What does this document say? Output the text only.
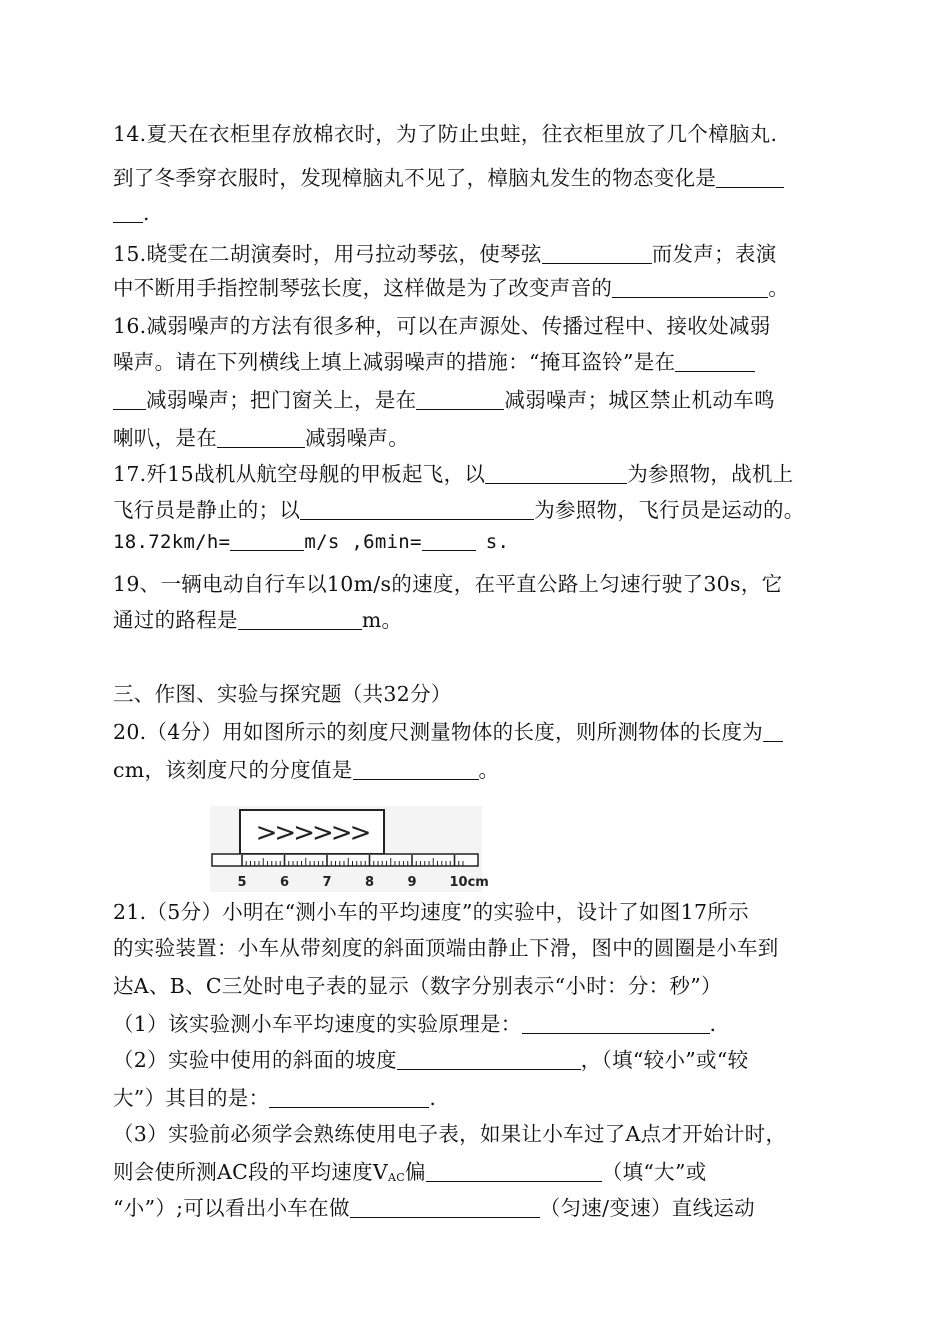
14.夏天在衣柜里存放棉衣时，为了防止虫蛀，往衣柜里放了几个樟脑丸.
到了冬季穿衣服时，发现樟脑丸不见了，樟脑丸发生的物态变化是
.
15.晓雯在二胡演奏时，用弓拉动琴弦，使琴弦	而发声；表演
中不断用手指控制琴弦长度，这样做是为了改变声音的	。
16.减弱噪声的方法有很多种，可以在声源处、传播过程中、接收处减弱
噪声。请在下列横线上填上减弱噪声的措施：“掩耳盗铃”是在
减弱噪声；把门窗关上，是在	减弱噪声；城区禁止机动车鸣
喇叭，是在	减弱噪声。
17.歼15战机从航空母舰的甲板起飞，以	为参照物，战机上
飞行员是静止的；以	为参照物，飞行员是运动的。
18.72km/h=	m/s ,6min=	s.
19、一辆电动自行车以10m/s的速度，在平直公路上匀速行驶了30s，它
通过的路程是	m。
三、作图、实验与探究题（共32分）
20.（4分）用如图所示的刻度尺测量物体的长度，则所测物体的长度为
cm，该刻度尺的分度值是	。
>>>>>>
5	6	7	8	9	10cm
21.（5分）小明在“测小车的平均速度”的实验中，设计了如图17所示
的实验装置：小车从带刻度的斜面顶端由静止下滑，图中的圆圈是小车到
达A、B、C三处时电子表的显示（数字分别表示“小时：分：秒”）
（1）该实验测小车平均速度的实验原理是：	.
（2）实验中使用的斜面的坡度	，（填“较小”或“较
大”）其目的是：	.
（3）实验前必须学会熟练使用电子表，如果让小车过了A点才开始计时，
则会使所测AC段的平均速度VAC偏	（填“大”或
“小”）;可以看出小车在做	（匀速/变速）直线运动
